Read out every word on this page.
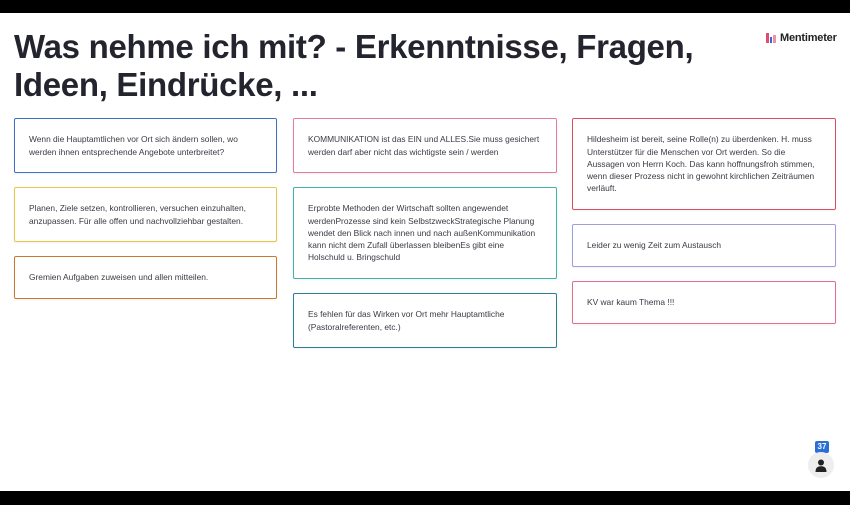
Was nehme ich mit? - Erkenntnisse, Fragen, Ideen, Eindrücke, ...
Mentimeter
Wenn die Hauptamtlichen vor Ort sich ändern sollen, wo werden ihnen entsprechende Angebote unterbreitet?
Planen, Ziele setzen, kontrollieren, versuchen einzuhalten, anzupassen. Für alle offen und nachvollziehbar gestalten.
Gremien Aufgaben zuweisen und allen mitteilen.
KOMMUNIKATION ist das EIN und ALLES.Sie muss gesichert werden darf aber nicht das wichtigste sein / werden
Erprobte Methoden der Wirtschaft sollten angewendet werdenProzesse sind kein SelbstzweckStrategische Planung wendet den Blick nach innen und nach außenKommunikation kann nicht dem Zufall überlassen bleibenEs gibt eine Holschuld u. Bringschuld
Es fehlen für das Wirken vor Ort mehr Hauptamtliche (Pastoralreferenten, etc.)
Hildesheim ist bereit, seine Rolle(n) zu überdenken. H. muss Unterstützer für die Menschen vor Ort werden. So die Aussagen von Herrn Koch. Das kann hoffnungsfroh stimmen, wenn dieser Prozess nicht in gewohnt kirchlichen Zeiträumen verläuft.
Leider zu wenig Zeit zum Austausch
KV war kaum Thema !!!
37
